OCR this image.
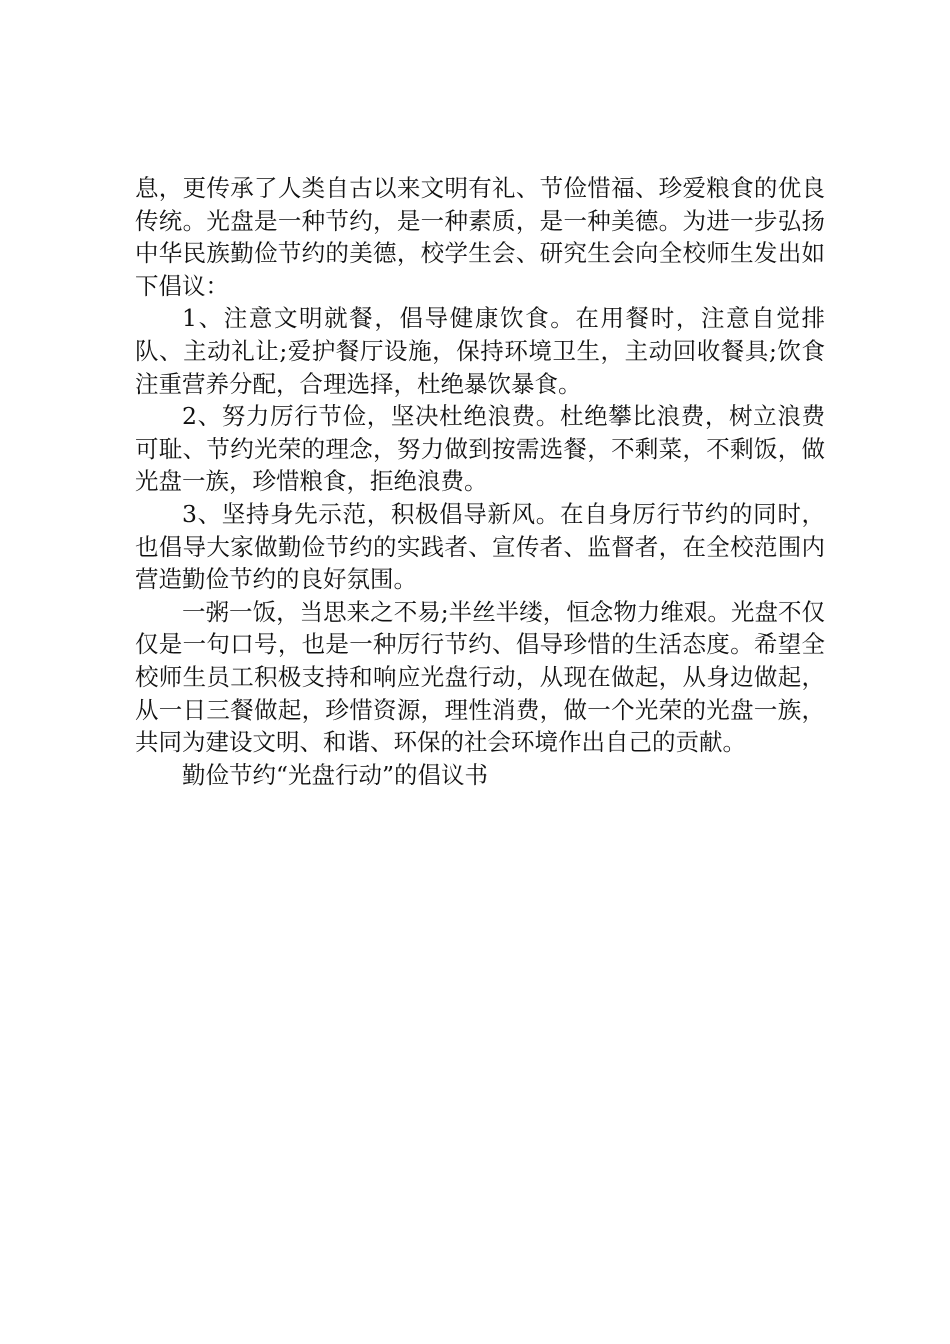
息，更传承了人类自古以来文明有礼、节俭惜福、珍爱粮食的优良传统。光盘是一种节约，是一种素质，是一种美德。为进一步弘扬中华民族勤俭节约的美德，校学生会、研究生会向全校师生发出如下倡议：

1、注意文明就餐，倡导健康饮食。在用餐时，注意自觉排队、主动礼让;爱护餐厅设施，保持环境卫生，主动回收餐具;饮食注重营养分配，合理选择，杜绝暴饮暴食。

2、努力厉行节俭，坚决杜绝浪费。杜绝攀比浪费，树立浪费可耻、节约光荣的理念，努力做到按需选餐，不剩菜，不剩饭，做光盘一族，珍惜粮食，拒绝浪费。

3、坚持身先示范，积极倡导新风。在自身厉行节约的同时，也倡导大家做勤俭节约的实践者、宣传者、监督者，在全校范围内营造勤俭节约的良好氛围。

一粥一饭，当思来之不易;半丝半缕，恒念物力维艰。光盘不仅仅是一句口号，也是一种厉行节约、倡导珍惜的生活态度。希望全校师生员工积极支持和响应光盘行动，从现在做起，从身边做起，从一日三餐做起，珍惜资源，理性消费，做一个光荣的光盘一族，共同为建设文明、和谐、环保的社会环境作出自己的贡献。

勤俭节约“光盘行动”的倡议书
